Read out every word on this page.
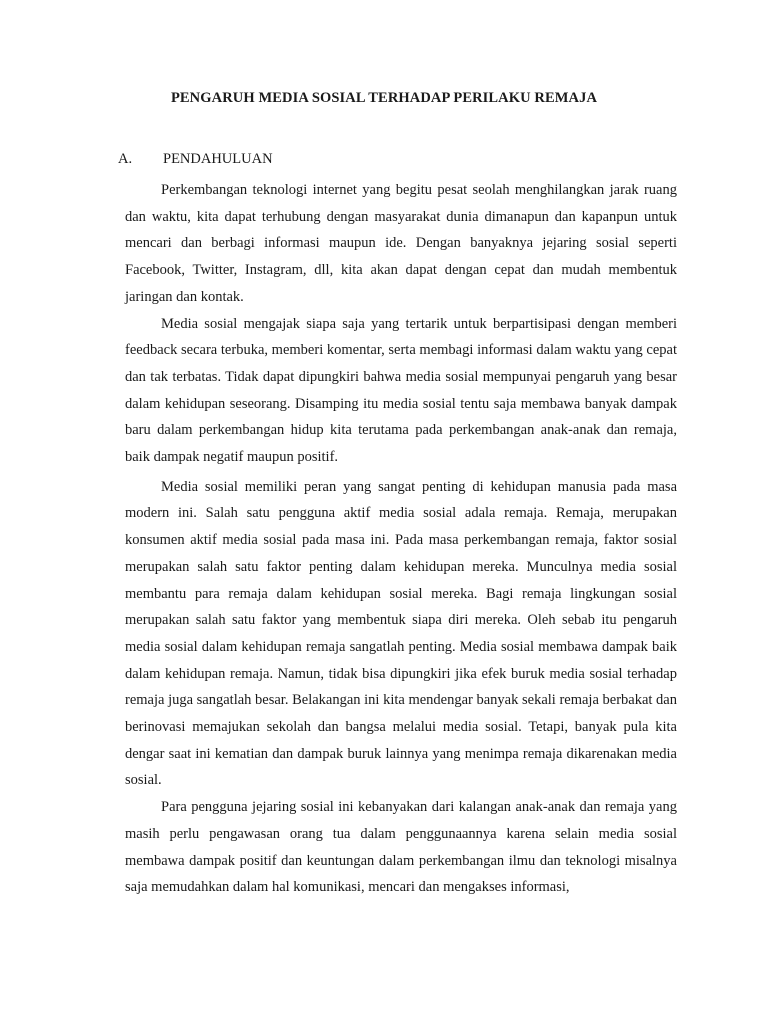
PENGARUH MEDIA SOSIAL TERHADAP PERILAKU REMAJA
A. PENDAHULUAN

Perkembangan teknologi internet yang begitu pesat seolah menghilangkan jarak ruang dan waktu, kita dapat terhubung dengan masyarakat dunia dimanapun dan kapanpun untuk mencari dan berbagi informasi maupun ide. Dengan banyaknya jejaring sosial seperti Facebook, Twitter, Instagram, dll, kita akan dapat dengan cepat dan mudah membentuk jaringan dan kontak.

Media sosial mengajak siapa saja yang tertarik untuk berpartisipasi dengan memberi feedback secara terbuka, memberi komentar, serta membagi informasi dalam waktu yang cepat dan tak terbatas. Tidak dapat dipungkiri bahwa media sosial mempunyai pengaruh yang besar dalam kehidupan seseorang. Disamping itu media sosial tentu saja membawa banyak dampak baru dalam perkembangan hidup kita terutama pada perkembangan anak-anak dan remaja, baik dampak negatif maupun positif.

Media sosial memiliki peran yang sangat penting di kehidupan manusia pada masa modern ini. Salah satu pengguna aktif media sosial adala remaja. Remaja, merupakan konsumen aktif media sosial pada masa ini. Pada masa perkembangan remaja, faktor sosial merupakan salah satu faktor penting dalam kehidupan mereka. Munculnya media sosial membantu para remaja dalam kehidupan sosial mereka. Bagi remaja lingkungan sosial merupakan salah satu faktor yang membentuk siapa diri mereka. Oleh sebab itu pengaruh media sosial dalam kehidupan remaja sangatlah penting. Media sosial membawa dampak baik dalam kehidupan remaja. Namun, tidak bisa dipungkiri jika efek buruk media sosial terhadap remaja juga sangatlah besar. Belakangan ini kita mendengar banyak sekali remaja berbakat dan berinovasi memajukan sekolah dan bangsa melalui media sosial. Tetapi, banyak pula kita dengar saat ini kematian dan dampak buruk lainnya yang menimpa remaja dikarenakan media sosial.

Para pengguna jejaring sosial ini kebanyakan dari kalangan anak-anak dan remaja yang masih perlu pengawasan orang tua dalam penggunaannya karena selain media sosial membawa dampak positif dan keuntungan dalam perkembangan ilmu dan teknologi misalnya saja memudahkan dalam hal komunikasi, mencari dan mengakses informasi,
